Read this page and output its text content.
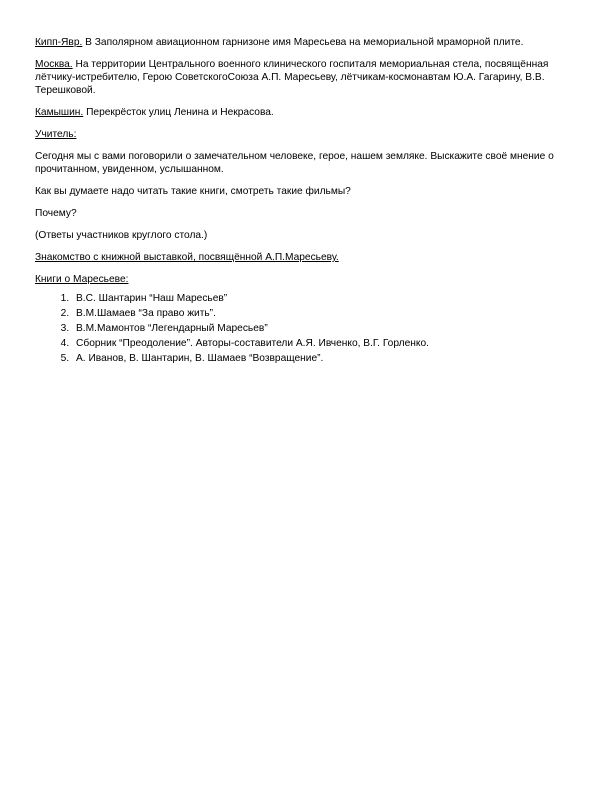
Кипп-Явр. В Заполярном авиационном гарнизоне имя Маресьева на мемориальной мраморной плите.

Москва. На территории Центрального военного клинического госпиталя мемориальная стела, посвящённая лётчику-истребителю, Герою СоветскогоСоюза А.П. Маресьеву, лётчикам-космонавтам Ю.А. Гагарину, В.В. Терешковой.

Камышин. Перекрёсток улиц Ленина и Некрасова.

Учитель:

Сегодня мы с вами поговорили о замечательном человеке, герое, нашем земляке. Выскажите своё мнение о прочитанном, увиденном, услышанном.

Как вы думаете надо читать такие книги, смотреть такие фильмы?

Почему?

(Ответы участников круглого стола.)

Знакомство с книжной выставкой, посвящённой А.П.Маресьеву.

Книги о Маресьеве:

1. В.С. Шантарин “Наш Маресьев”
2. В.М.Шамаев “За право жить”.
3. В.М.Мамонтов “Легендарный Маресьев”
4. Сборник “Преодоление”. Авторы-составители А.Я. Ивченко, В.Г. Горленко.
5. А. Иванов, В. Шантарин, В. Шамаев “Возвращение”.
